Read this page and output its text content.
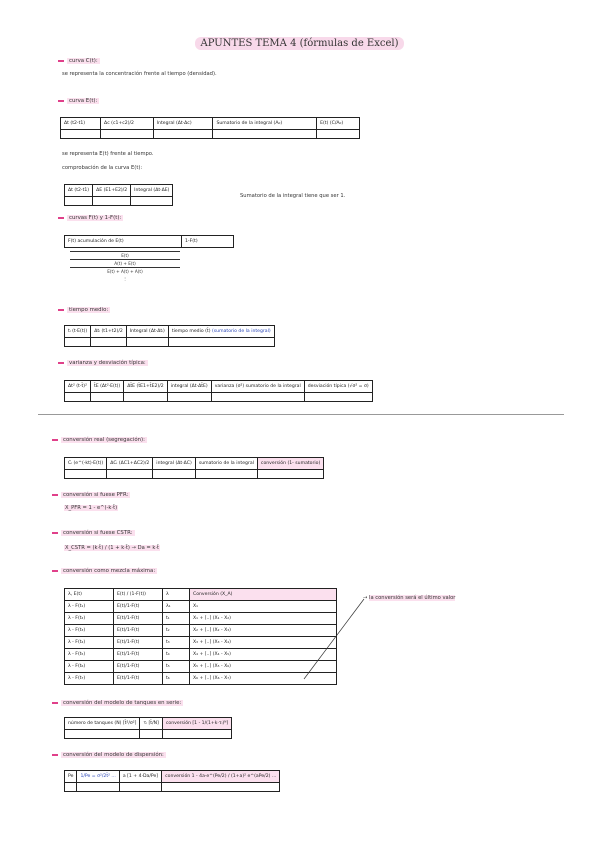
APUNTES TEMA 4 (fórmulas de Excel)
curva C(t):
se representa la concentración frente al tiempo (densidad).
curva E(t):
Δt (t2-t1)	Δc (c1+c2)/2	Integral (Δt·Δc)	Sumatorio de la integral (A₀)	E(t) (C/A₀)

se representa E(t) frente al tiempo.
comprobación de la curva E(t):
Δt (t2-t1)	ΔE (E1+E2)/2	Integral (Δt·ΔE)

Sumatorio de la integral tiene que ser 1.
curvas F(t) y 1-F(t):
F(t) acumulación de E(t)	1-F(t)
E(t)
A(t) + E(t)
E(t) + A(t) + A(t)
⋮
tiempo medio:
tᵢ (t·E(t))	Δtᵢ (t1+t2)/2	Integral (Δt·Δtᵢ)	tiempo medio (t̄) (sumatorio de la integral)

varianza y desviación típica:
Δt² (t-t̄)²	t̄E (Δt²·E(t))	Δt̄E (t̄E1+t̄E2)/2	integral (Δt·Δt̄E)	varianza (σ²) sumatorio de la integral	desviación típica (√σ² = σ)

conversión real (segregación):
Cᵢ (e^(-kt)·E(t))	ΔCᵢ (ΔC1+ΔC2)/2	integral (Δt·ΔC)	sumatorio de la integral	conversión (1- sumatorio)

conversión si fuese PFR:
X_PFR = 1 - e^(-k·t̄)
conversión si fuese CSTR:
X_CSTR = (k·t̄) / (1 + k·t̄) → Da = k·t̄
conversión como mezcla máxima:
λ, E(t)	E(t) / (1-F(t))	λ	Conversión (X_A)
λ - F(t₁)	E(t)/1-F(t)	λ₁	X₁
λ - F(t₂)	E(t)/1-F(t)	t₁	X₁ + [..] (X₁ - X₂)
λ - F(t₃)	E(t)/1-F(t)	t₂	X₂ + [..] (X₂ - X₃)
λ - F(t₄)	E(t)/1-F(t)	t₃	X₃ + [..] (X₃ - X₄)
λ - F(t₅)	E(t)/1-F(t)	t₄	X₄ + [..] (X₄ - X₅)
λ - F(t₆)	E(t)/1-F(t)	t₅	X₅ + [..] (X₅ - X₆)
λ - F(t₇)	E(t)/1-F(t)	t₆	X₆ + [..] (X₆ - X₇)
→ la conversión será el último valor
conversión del modelo de tanques en serie:
número de tanques (N) [t̄²/σ²]	τᵢ [t̄/N]	conversión [1 - 1/(1+k·τᵢ)ᴺ]

conversión del modelo de dispersión:
Pe	1/Pe = σ²/2t̄² ...	a [1 + 4·Da/Pe]	conversión 1 - 4a·e^(Pe/2) / (1+a)² e^(aPe/2) ...
